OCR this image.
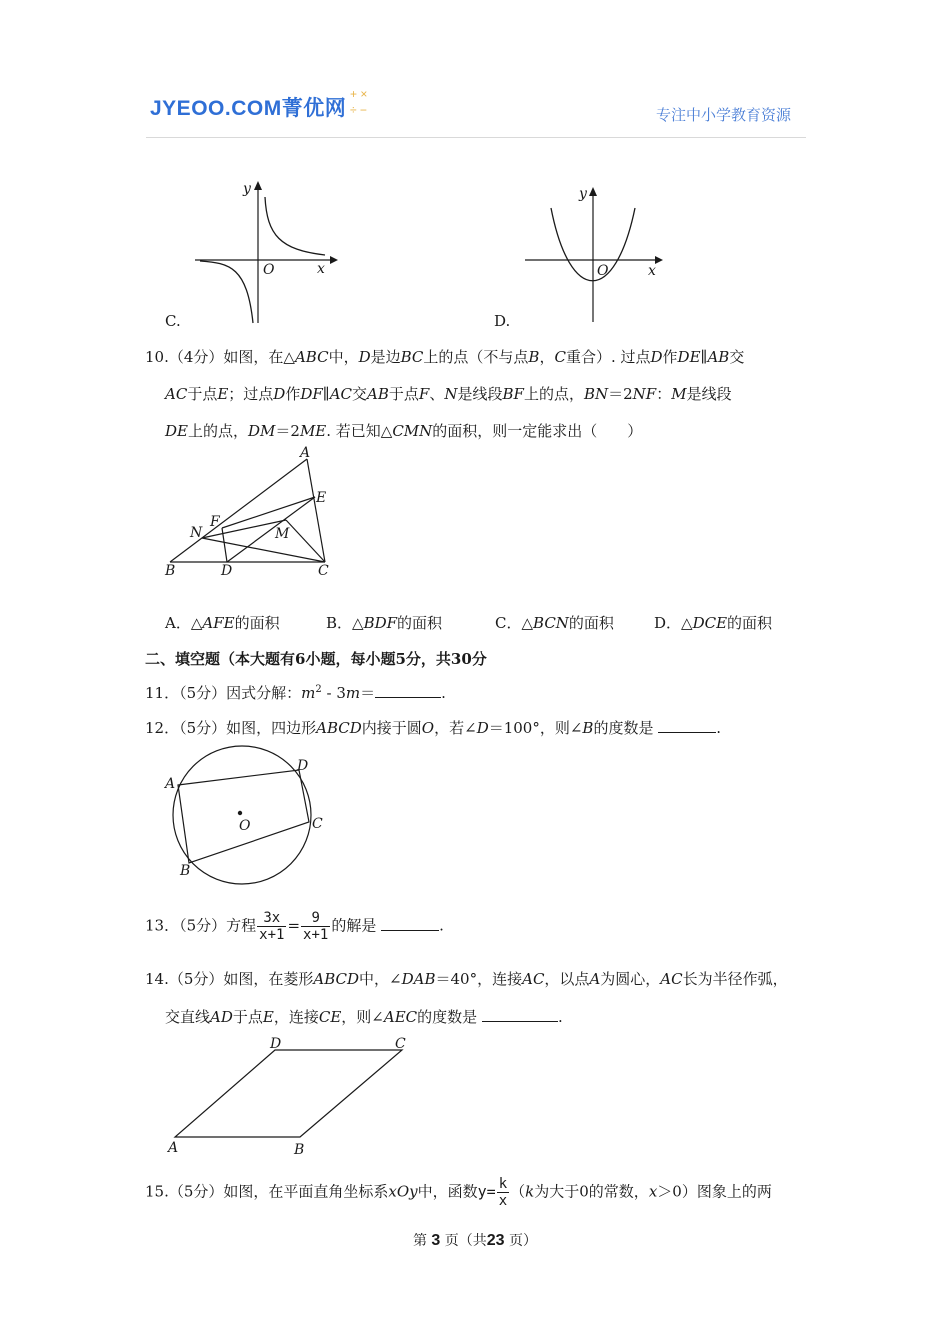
JYEOO.COM菁优网
+ ×
÷ −	专注中小学教育资源
y
x
O
C.
y
x
O
D.
10.（4分）如图，在△ABC中，D是边BC上的点（不与点B，C重合）. 过点D作DE∥AB交
AC于点E；过点D作DF∥AC交AB于点F、N是线段BF上的点，BN＝2NF：M是线段
DE上的点，DM＝2ME. 若已知△CMN的面积，则一定能求出（　　）
A
E
F
N	M
B	D	C
A．△AFE的面积	B．△BDF的面积	C．△BCN的面积	D．△DCE的面积
二、填空题（本大题有6小题，每小题5分，共30分
11．（5分）因式分解：$m^2 - 3m=$	.
12．（5分）如图，四边形ABCD内接于圆O，若∠D＝100°，则∠B的度数是	.
A
D
C
B
O
13．（5分）方程 $\frac{3x}{x+1} = \frac{9}{x+1}$ 的解是	.
14.（5分）如图，在菱形ABCD中，∠DAB＝40°，连接AC，以点A为圆心，AC长为半径作弧，
交直线AD于点E，连接CE，则∠AEC的度数是	.
D	C
A	B
15.（5分）如图，在平面直角坐标系xOy中，函数$y= \frac{k}{x} (k$为大于0的常数，x＞0）图象上的两
第 3 页（共23 页）
